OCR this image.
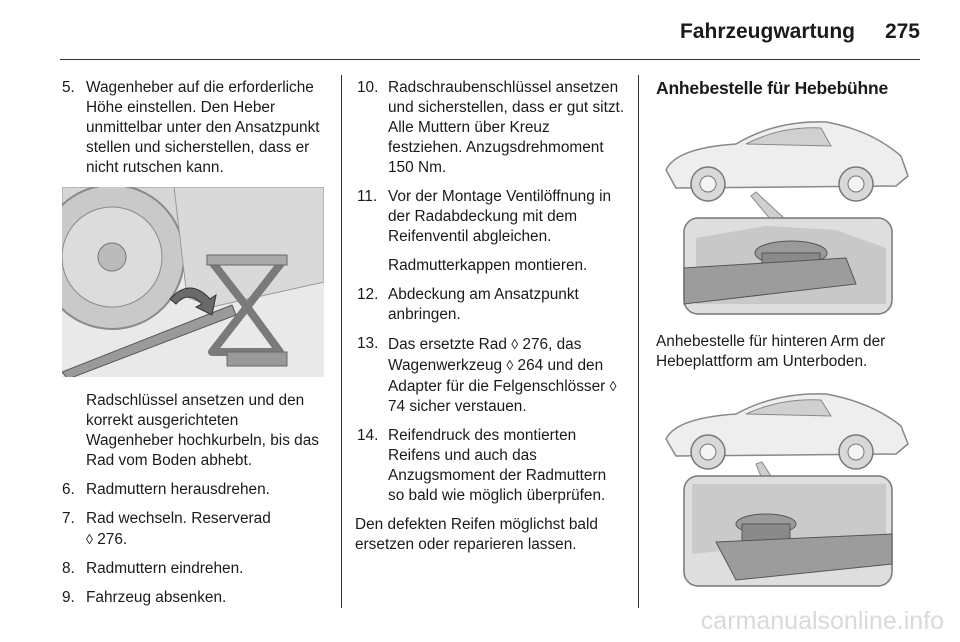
Fahrzeugwartung 275
5. Wagenheber auf die erforderliche Höhe einstellen. Den Heber unmittelbar unter den Ansatzpunkt stellen und sicherstellen, dass er nicht rutschen kann.
Radschlüssel ansetzen und den korrekt ausgerichteten Wagenheber hochkurbeln, bis das Rad vom Boden abhebt.
6. Radmuttern herausdrehen.
7. Rad wechseln. Reserverad
◊ 276.
8. Radmuttern eindrehen.
9. Fahrzeug absenken.
10. Radschraubenschlüssel ansetzen und sicherstellen, dass er gut sitzt. Alle Muttern über Kreuz festziehen. Anzugsdrehmoment 150 Nm.
11. Vor der Montage Ventilöffnung in der Radabdeckung mit dem Reifenventil abgleichen.
Radmutterkappen montieren.
12. Abdeckung am Ansatzpunkt anbringen.
13. Das ersetzte Rad ◊ 276, das Wagenwerkzeug ◊ 264 und den Adapter für die Felgenschlösser ◊ 74 sicher verstauen.
14. Reifendruck des montierten Reifens und auch das Anzugsmoment der Radmuttern so bald wie möglich überprüfen.
Den defekten Reifen möglichst bald ersetzen oder reparieren lassen.
Anhebestelle für Hebebühne
Anhebestelle für hinteren Arm der Hebeplattform am Unterboden.
carmanualsonline.info
